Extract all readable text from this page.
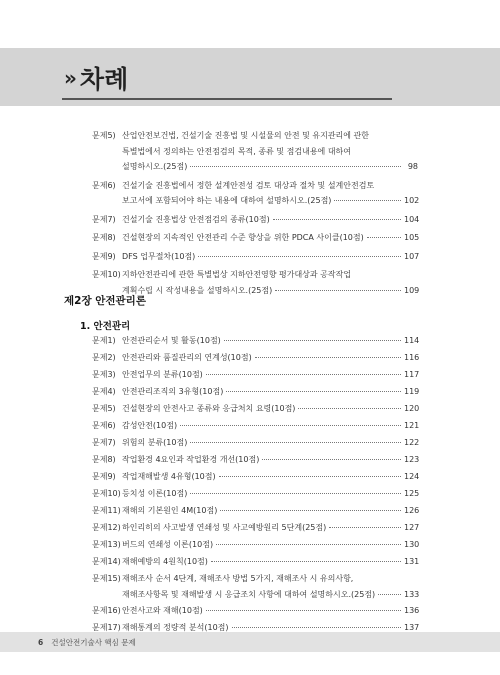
» 차례
문제5) 산업안전보건법, 건설기술 진흥법 및 시설물의 안전 및 유지관리에 관한
특별법에서 정의하는 안전점검의 목적, 종류 및 점검내용에 대하여
설명하시오.(25점)	98
문제6) 건설기술 진흥법에서 정한 설계안전성 검토 대상과 절차 및 설계안전검토
보고서에 포함되어야 하는 내용에 대하여 설명하시오.(25점)	102
문제7) 건설기술 진흥법상 안전점검의 종류(10점)	104
문제8) 건설현장의 지속적인 안전관리 수준 향상을 위한 PDCA 사이클(10점)	105
문제9) DFS 업무절차(10점)	107
문제10) 지하안전관리에 관한 특별법상 지하안전영향 평가대상과 공작작업
계획수립 시 작성내용을 설명하시오.(25점)	109
제2장 안전관리론
1. 안전관리
문제1) 안전관리순서 및 활동(10점)	114
문제2) 안전관리와 품질관리의 연계성(10점)	116
문제3) 안전업무의 분류(10점)	117
문제4) 안전관리조직의 3유형(10점)	119
문제5) 건설현장의 안전사고 종류와 응급처치 요령(10점)	120
문제6) 감성안전(10점)	121
문제7) 위험의 분류(10점)	122
문제8) 작업환경 4요인과 작업환경 개선(10점)	123
문제9) 작업재해발생 4유형(10점)	124
문제10) 등치성 이론(10점)	125
문제11) 재해의 기본원인 4M(10점)	126
문제12) 하인리히의 사고발생 연쇄성 및 사고예방원리 5단계(25점)	127
문제13) 버드의 연쇄성 이론(10점)	130
문제14) 재해예방의 4원칙(10점)	131
문제15) 재해조사 순서 4단계, 재해조사 방법 5가지, 재해조사 시 유의사항,
재해조사항목 및 재해발생 시 응급조치 사항에 대하여 설명하시오.(25점)	133
문제16) 안전사고와 재해(10점)	136
문제17) 재해통계의 정량적 분석(10점)	137
6 건설안전기술사 핵심 문제
